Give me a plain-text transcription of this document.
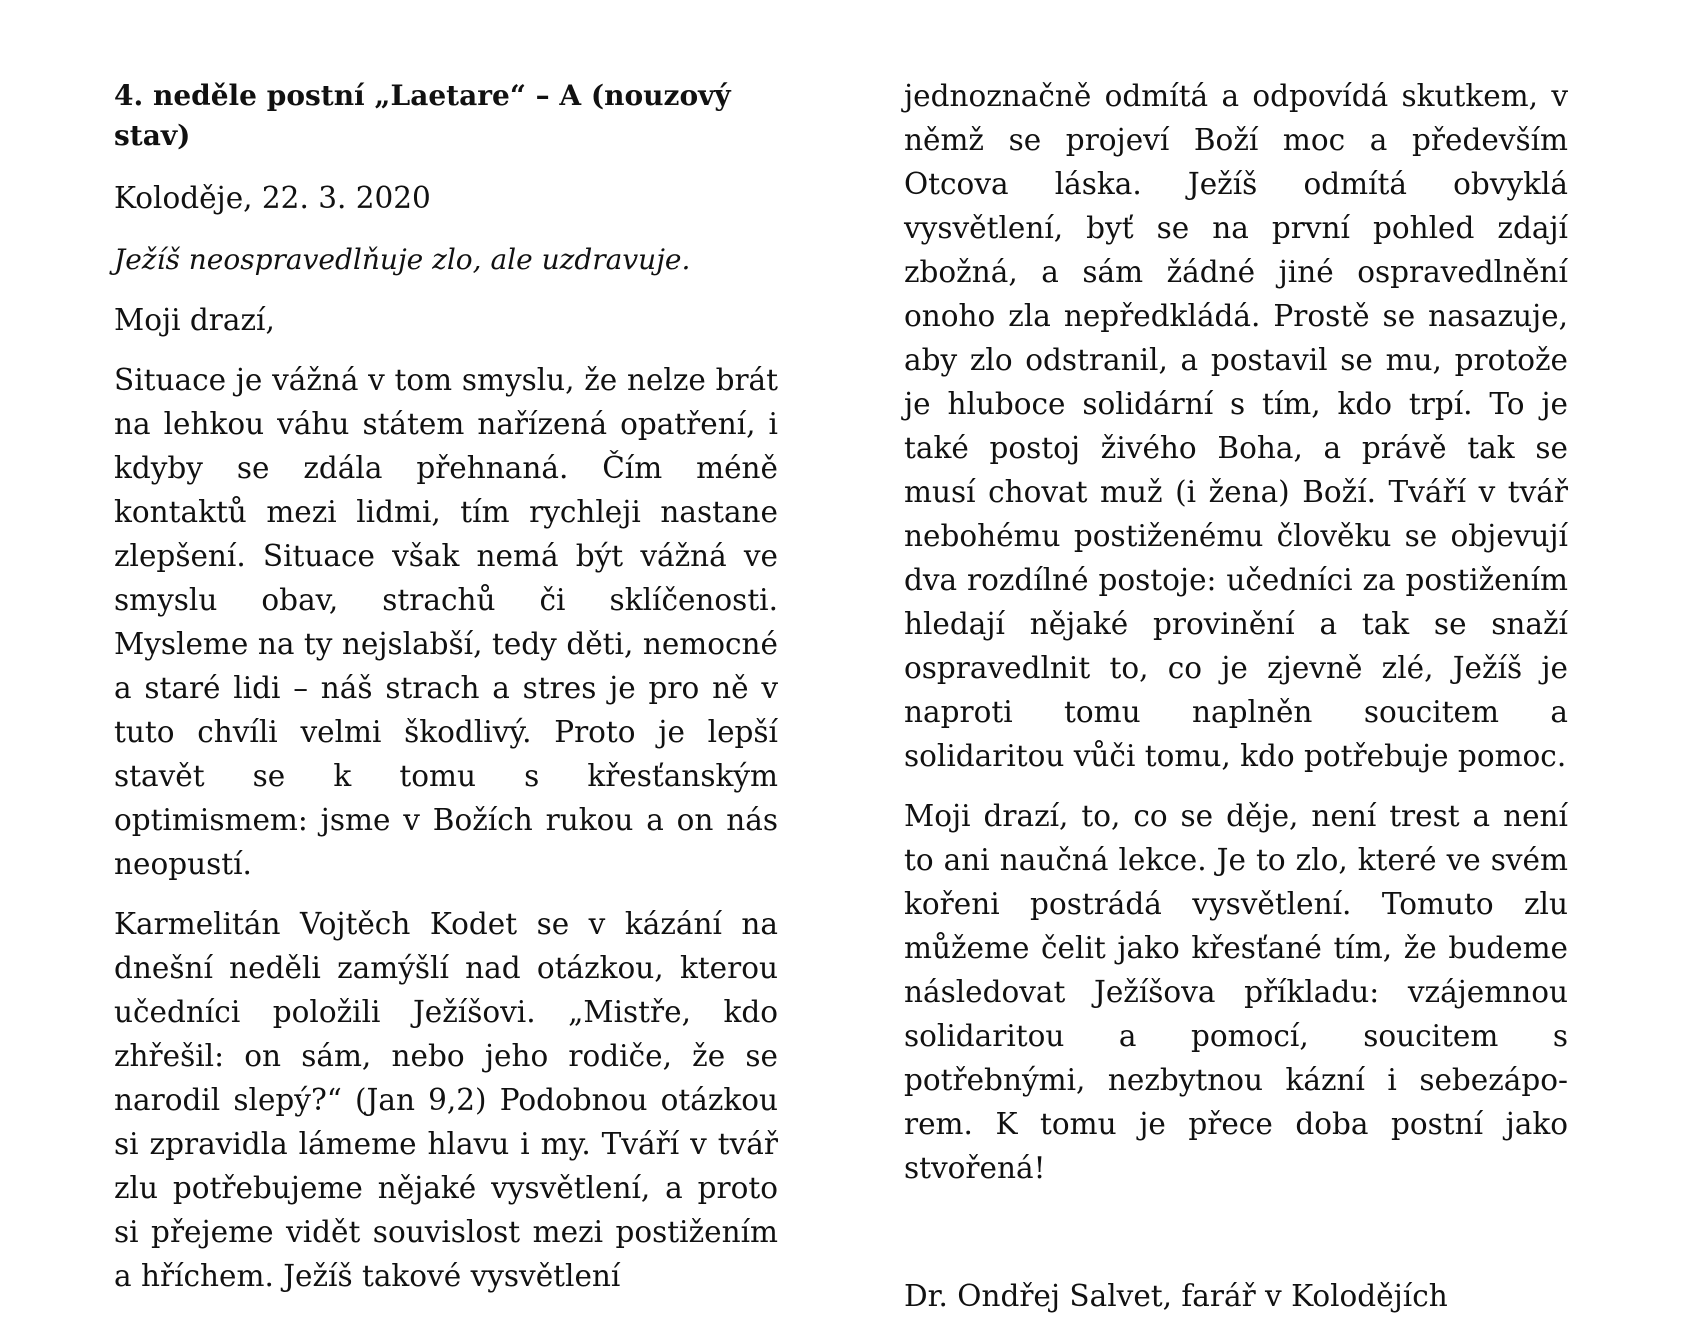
4. neděle postní „Laetare“ – A (nouzový stav)

Koloděje, 22. 3. 2020

Ježíš neospravedlňuje zlo, ale uzdravuje.

Moji drazí,

Situace je vážná v tom smyslu, že nelze brát na lehkou váhu státem nařízená opatření, i kdyby se zdála přehnaná. Čím méně kontaktů mezi lidmi, tím rychleji nastane zlepšení. Situace však nemá být vážná ve smyslu obav, strachů či sklíčenosti. Mysleme na ty nejslabší, tedy děti, nemocné a staré lidi – náš strach a stres je pro ně v tuto chvíli velmi škodlivý. Proto je lepší stavět se k tomu s křesťanským optimismem: jsme v Božích rukou a on nás neopustí.

Karmelitán Vojtěch Kodet se v kázání na dnešní neděli zamýšlí nad otázkou, kterou učedníci položili Ježíšovi. „Mistře, kdo zhřešil: on sám, nebo jeho rodiče, že se narodil slepý?“ (Jan 9,2) Podobnou otázkou si zpravidla lámeme hlavu i my. Tváří v tvář zlu potřebujeme nějaké vysvětlení, a proto si přejeme vidět souvislost mezi postižením a hříchem. Ježíš takové vysvětlení

jednoznačně odmítá a odpovídá skutkem, v němž se projeví Boží moc a především Otcova láska. Ježíš odmítá obvyklá vysvětlení, byť se na první pohled zdají zbožná, a sám žádné jiné ospravedlnění onoho zla nepředkládá. Prostě se nasazuje, aby zlo odstranil, a postavil se mu, protože je hluboce solidární s tím, kdo trpí. To je také postoj živého Boha, a právě tak se musí chovat muž (i žena) Boží. Tváří v tvář nebohému postiženému člověku se objevují dva rozdílné postoje: učedníci za postižením hledají nějaké provinění a tak se snaží ospravedlnit to, co je zjevně zlé, Ježíš je naproti tomu naplněn soucitem a solidaritou vůči tomu, kdo potřebuje pomoc.

Moji drazí, to, co se děje, není trest a není to ani naučná lekce. Je to zlo, které ve svém kořeni postrádá vysvětlení. Tomuto zlu můžeme čelit jako křesťané tím, že budeme následovat Ježíšova příkladu: vzájemnou solidaritou a pomocí, soucitem s potřebnými, nezbytnou kázní i sebezáporem. K tomu je přece doba postní jako stvořená!

Dr. Ondřej Salvet, farář v Kolodějích
